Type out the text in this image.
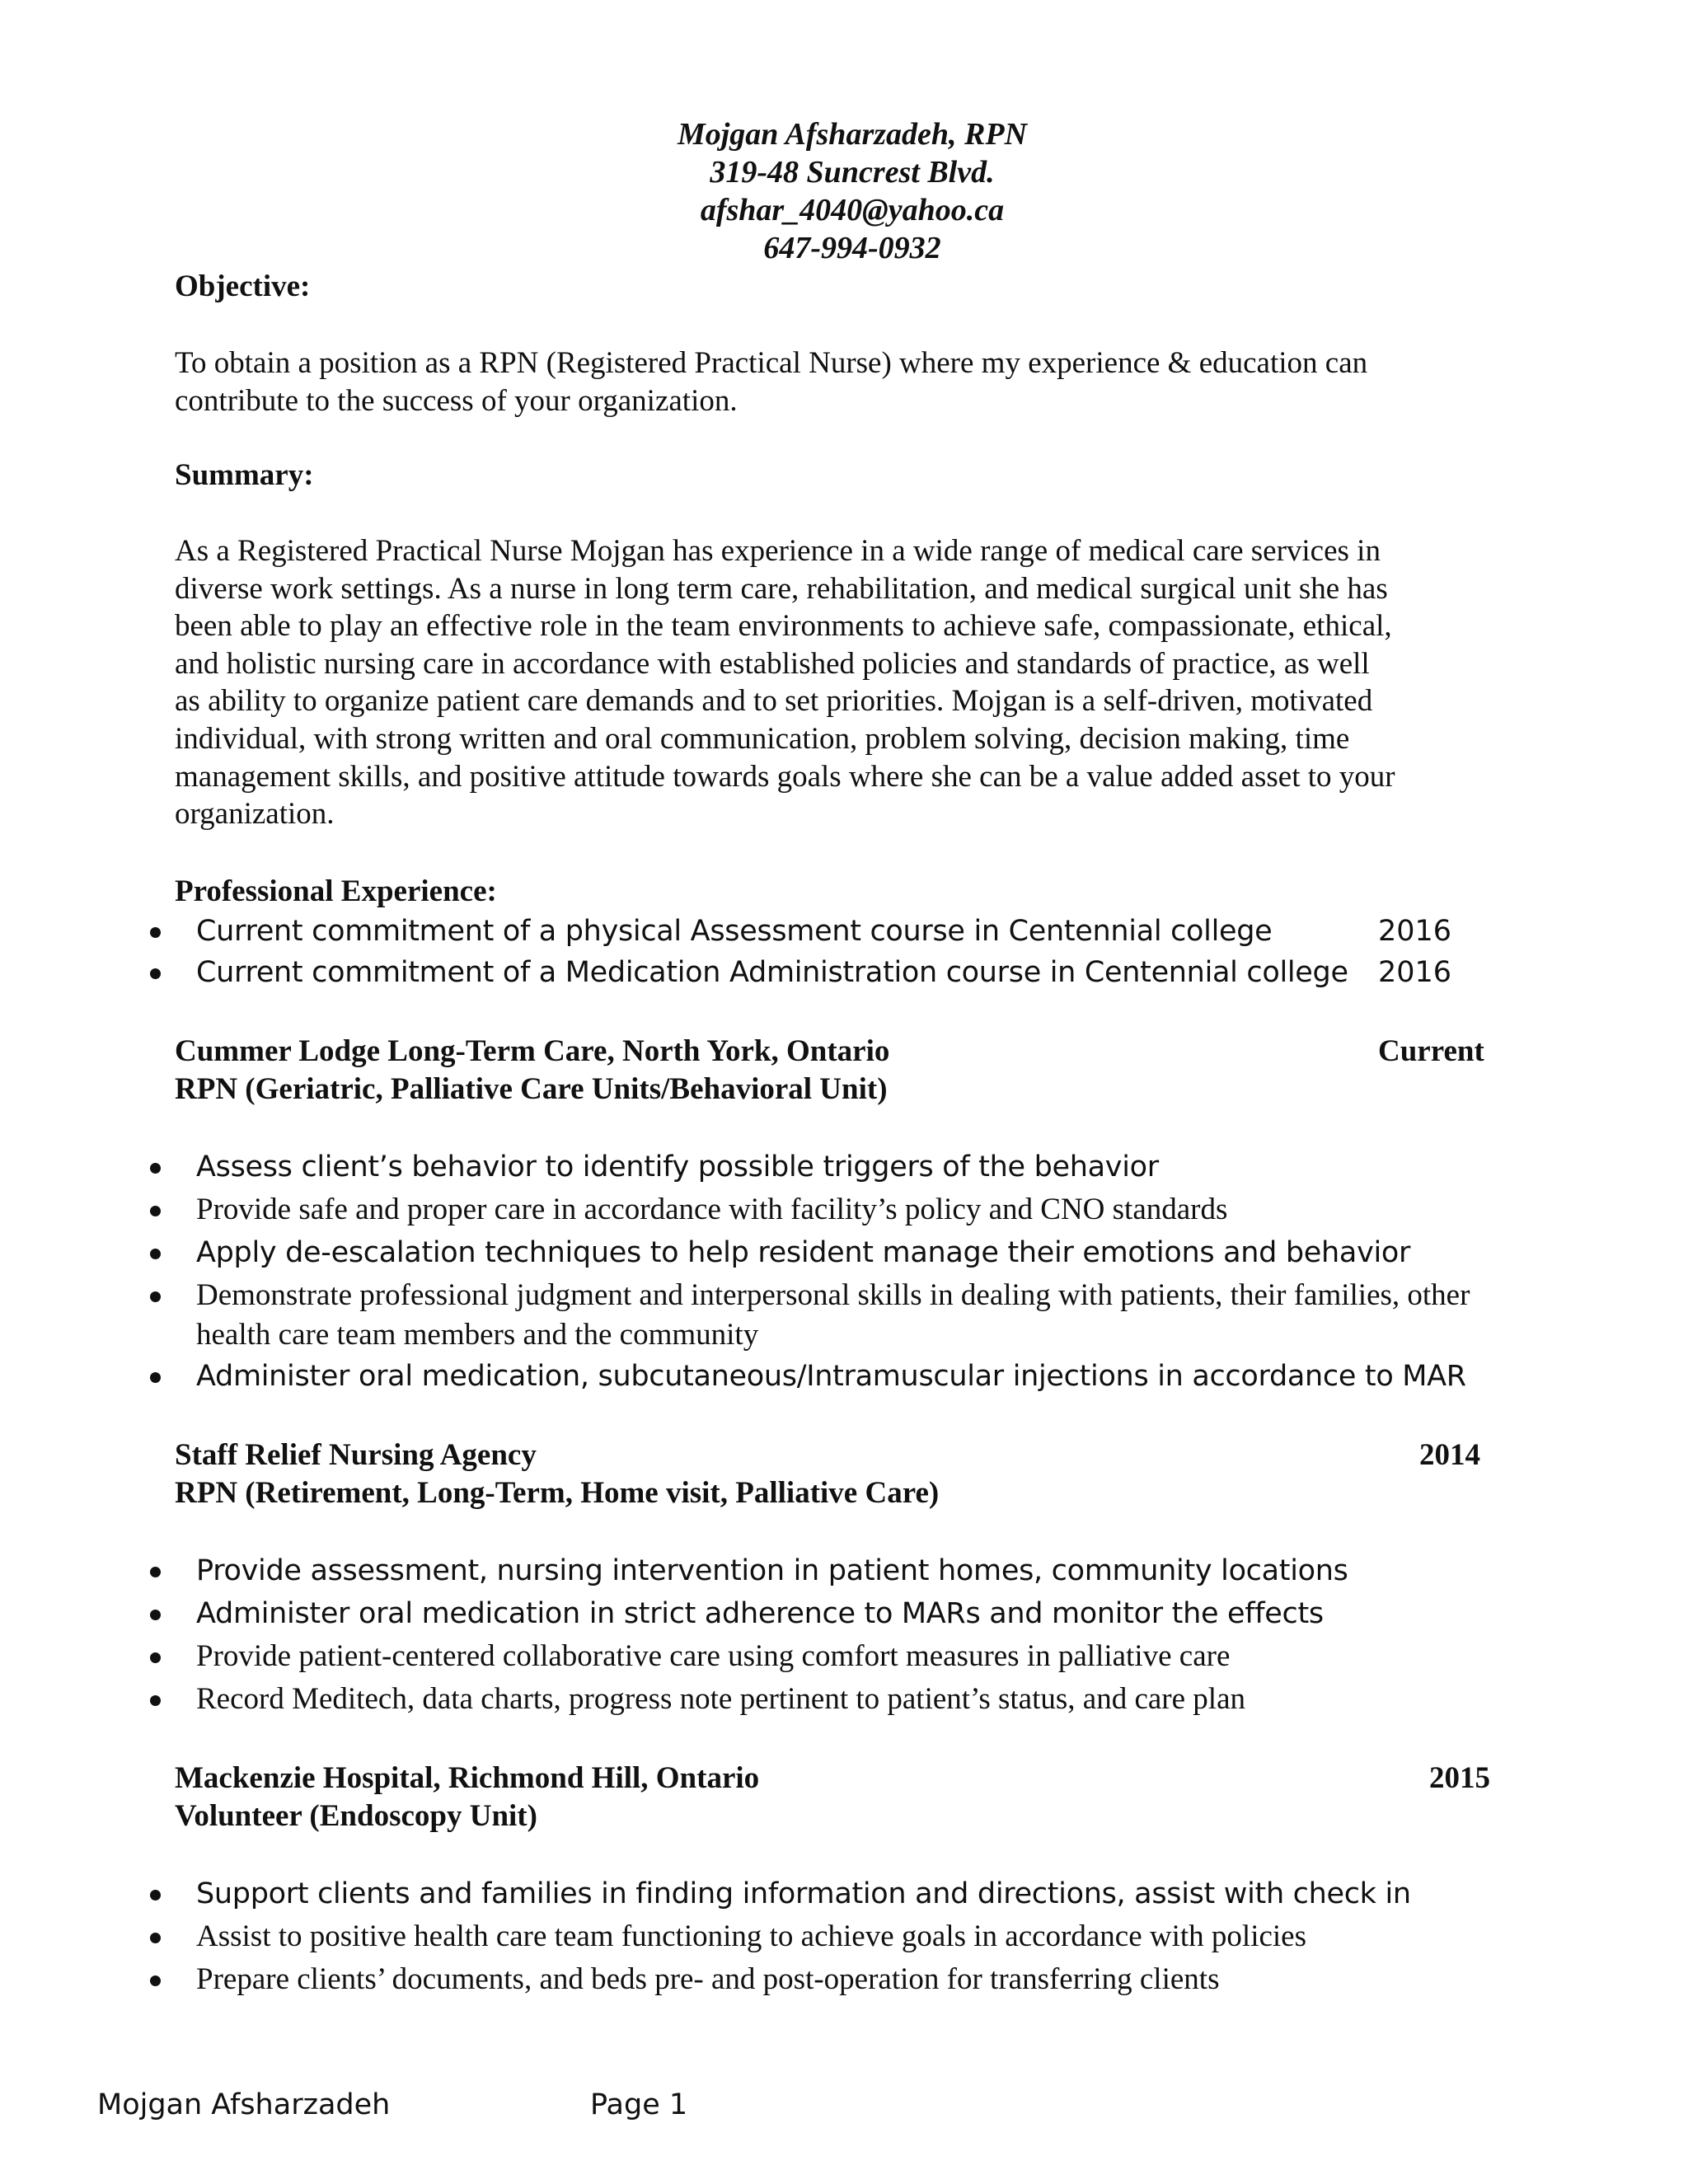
Mojgan Afsharzadeh, RPN
319-48 Suncrest Blvd.
afshar_4040@yahoo.ca
647-994-0932
Objective:
To obtain a position as a RPN (Registered Practical Nurse) where my experience & education can
contribute to the success of your organization.
Summary:
As a Registered Practical Nurse Mojgan has experience in a wide range of medical care services in
diverse work settings. As a nurse in long term care, rehabilitation, and medical surgical unit she has
been able to play an effective role in the team environments to achieve safe, compassionate, ethical,
and holistic nursing care in accordance with established policies and standards of practice, as well
as ability to organize patient care demands and to set priorities. Mojgan is a self-driven, motivated
individual, with strong written and oral communication, problem solving, decision making, time
management skills, and positive attitude towards goals where she can be a value added asset to your
organization.
Professional Experience:
Current commitment of a physical Assessment course in Centennial college	2016
Current commitment of a Medication Administration course in Centennial college 2016
Cummer Lodge Long-Term Care, North York, Ontario	Current
RPN (Geriatric, Palliative Care Units/Behavioral Unit)
Assess client’s behavior to identify possible triggers of the behavior
Provide safe and proper care in accordance with facility’s policy and CNO standards
Apply de-escalation techniques to help resident manage their emotions and behavior
Demonstrate professional judgment and interpersonal skills in dealing with patients, their families, other
health care team members and the community
Administer oral medication, subcutaneous/Intramuscular injections in accordance to MAR
Staff Relief Nursing Agency	2014
RPN (Retirement, Long-Term, Home visit, Palliative Care)
Provide assessment, nursing intervention in patient homes, community locations
Administer oral medication in strict adherence to MARs and monitor the effects
Provide patient-centered collaborative care using comfort measures in palliative care
Record Meditech, data charts, progress note pertinent to patient’s status, and care plan
Mackenzie Hospital, Richmond Hill, Ontario	2015
Volunteer (Endoscopy Unit)
Support clients and families in finding information and directions, assist with check in
Assist to positive health care team functioning to achieve goals in accordance with policies
Prepare clients’ documents, and beds pre- and post-operation for transferring clients
Mojgan Afsharzadeh	Page 1
